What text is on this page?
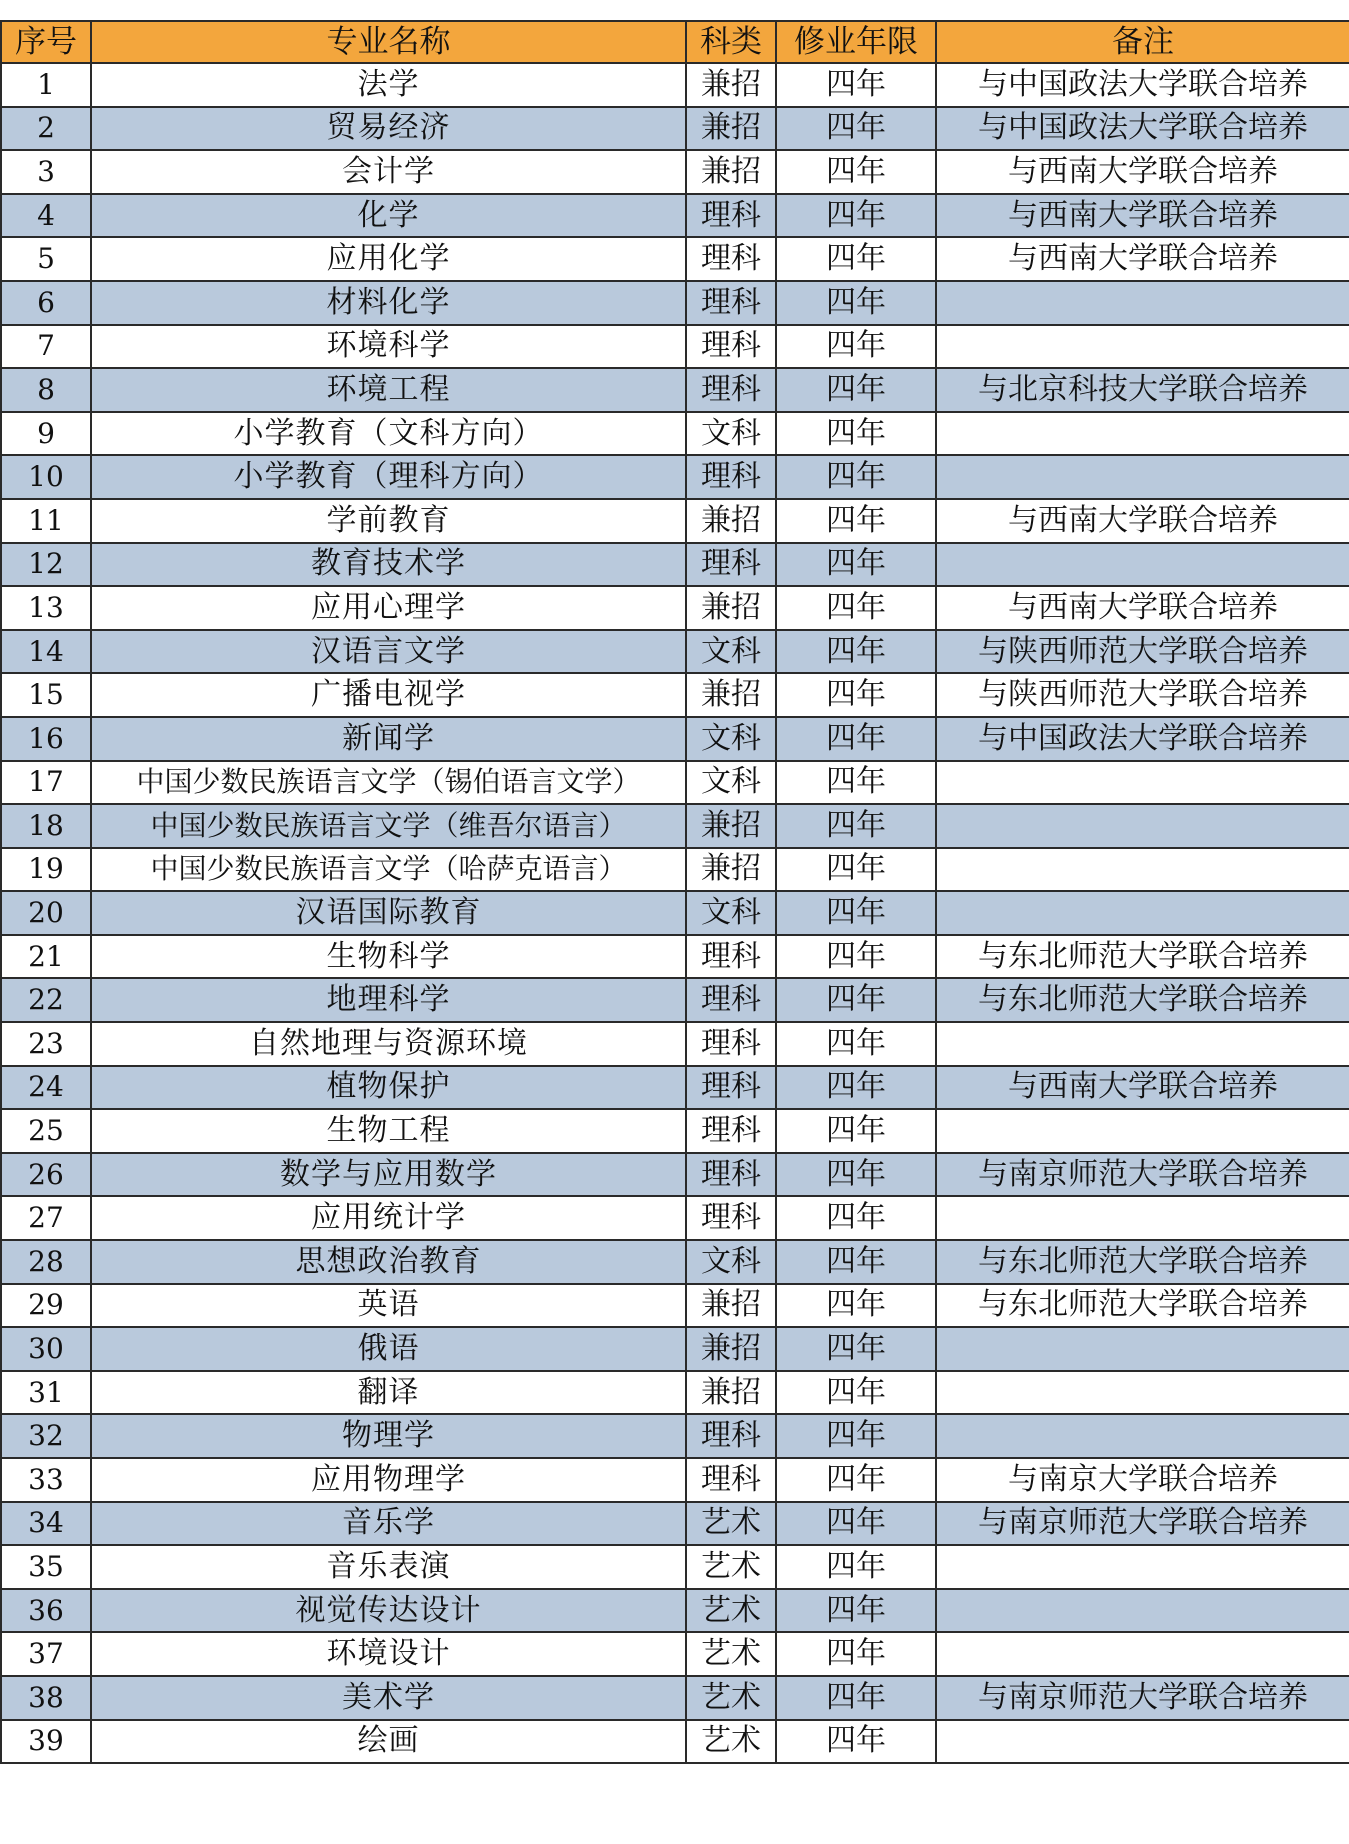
序号	专业名称	科类	修业年限	备注
1	法学	兼招	四年	与中国政法大学联合培养
2	贸易经济	兼招	四年	与中国政法大学联合培养
3	会计学	兼招	四年	与西南大学联合培养
4	化学	理科	四年	与西南大学联合培养
5	应用化学	理科	四年	与西南大学联合培养
6	材料化学	理科	四年	
7	环境科学	理科	四年	
8	环境工程	理科	四年	与北京科技大学联合培养
9	小学教育（文科方向）	文科	四年	
10	小学教育（理科方向）	理科	四年	
11	学前教育	兼招	四年	与西南大学联合培养
12	教育技术学	理科	四年	
13	应用心理学	兼招	四年	与西南大学联合培养
14	汉语言文学	文科	四年	与陕西师范大学联合培养
15	广播电视学	兼招	四年	与陕西师范大学联合培养
16	新闻学	文科	四年	与中国政法大学联合培养
17	中国少数民族语言文学（锡伯语言文学）	文科	四年	
18	中国少数民族语言文学（维吾尔语言）	兼招	四年	
19	中国少数民族语言文学（哈萨克语言）	兼招	四年	
20	汉语国际教育	文科	四年	
21	生物科学	理科	四年	与东北师范大学联合培养
22	地理科学	理科	四年	与东北师范大学联合培养
23	自然地理与资源环境	理科	四年	
24	植物保护	理科	四年	与西南大学联合培养
25	生物工程	理科	四年	
26	数学与应用数学	理科	四年	与南京师范大学联合培养
27	应用统计学	理科	四年	
28	思想政治教育	文科	四年	与东北师范大学联合培养
29	英语	兼招	四年	与东北师范大学联合培养
30	俄语	兼招	四年	
31	翻译	兼招	四年	
32	物理学	理科	四年	
33	应用物理学	理科	四年	与南京大学联合培养
34	音乐学	艺术	四年	与南京师范大学联合培养
35	音乐表演	艺术	四年	
36	视觉传达设计	艺术	四年	
37	环境设计	艺术	四年	
38	美术学	艺术	四年	与南京师范大学联合培养
39	绘画	艺术	四年	
